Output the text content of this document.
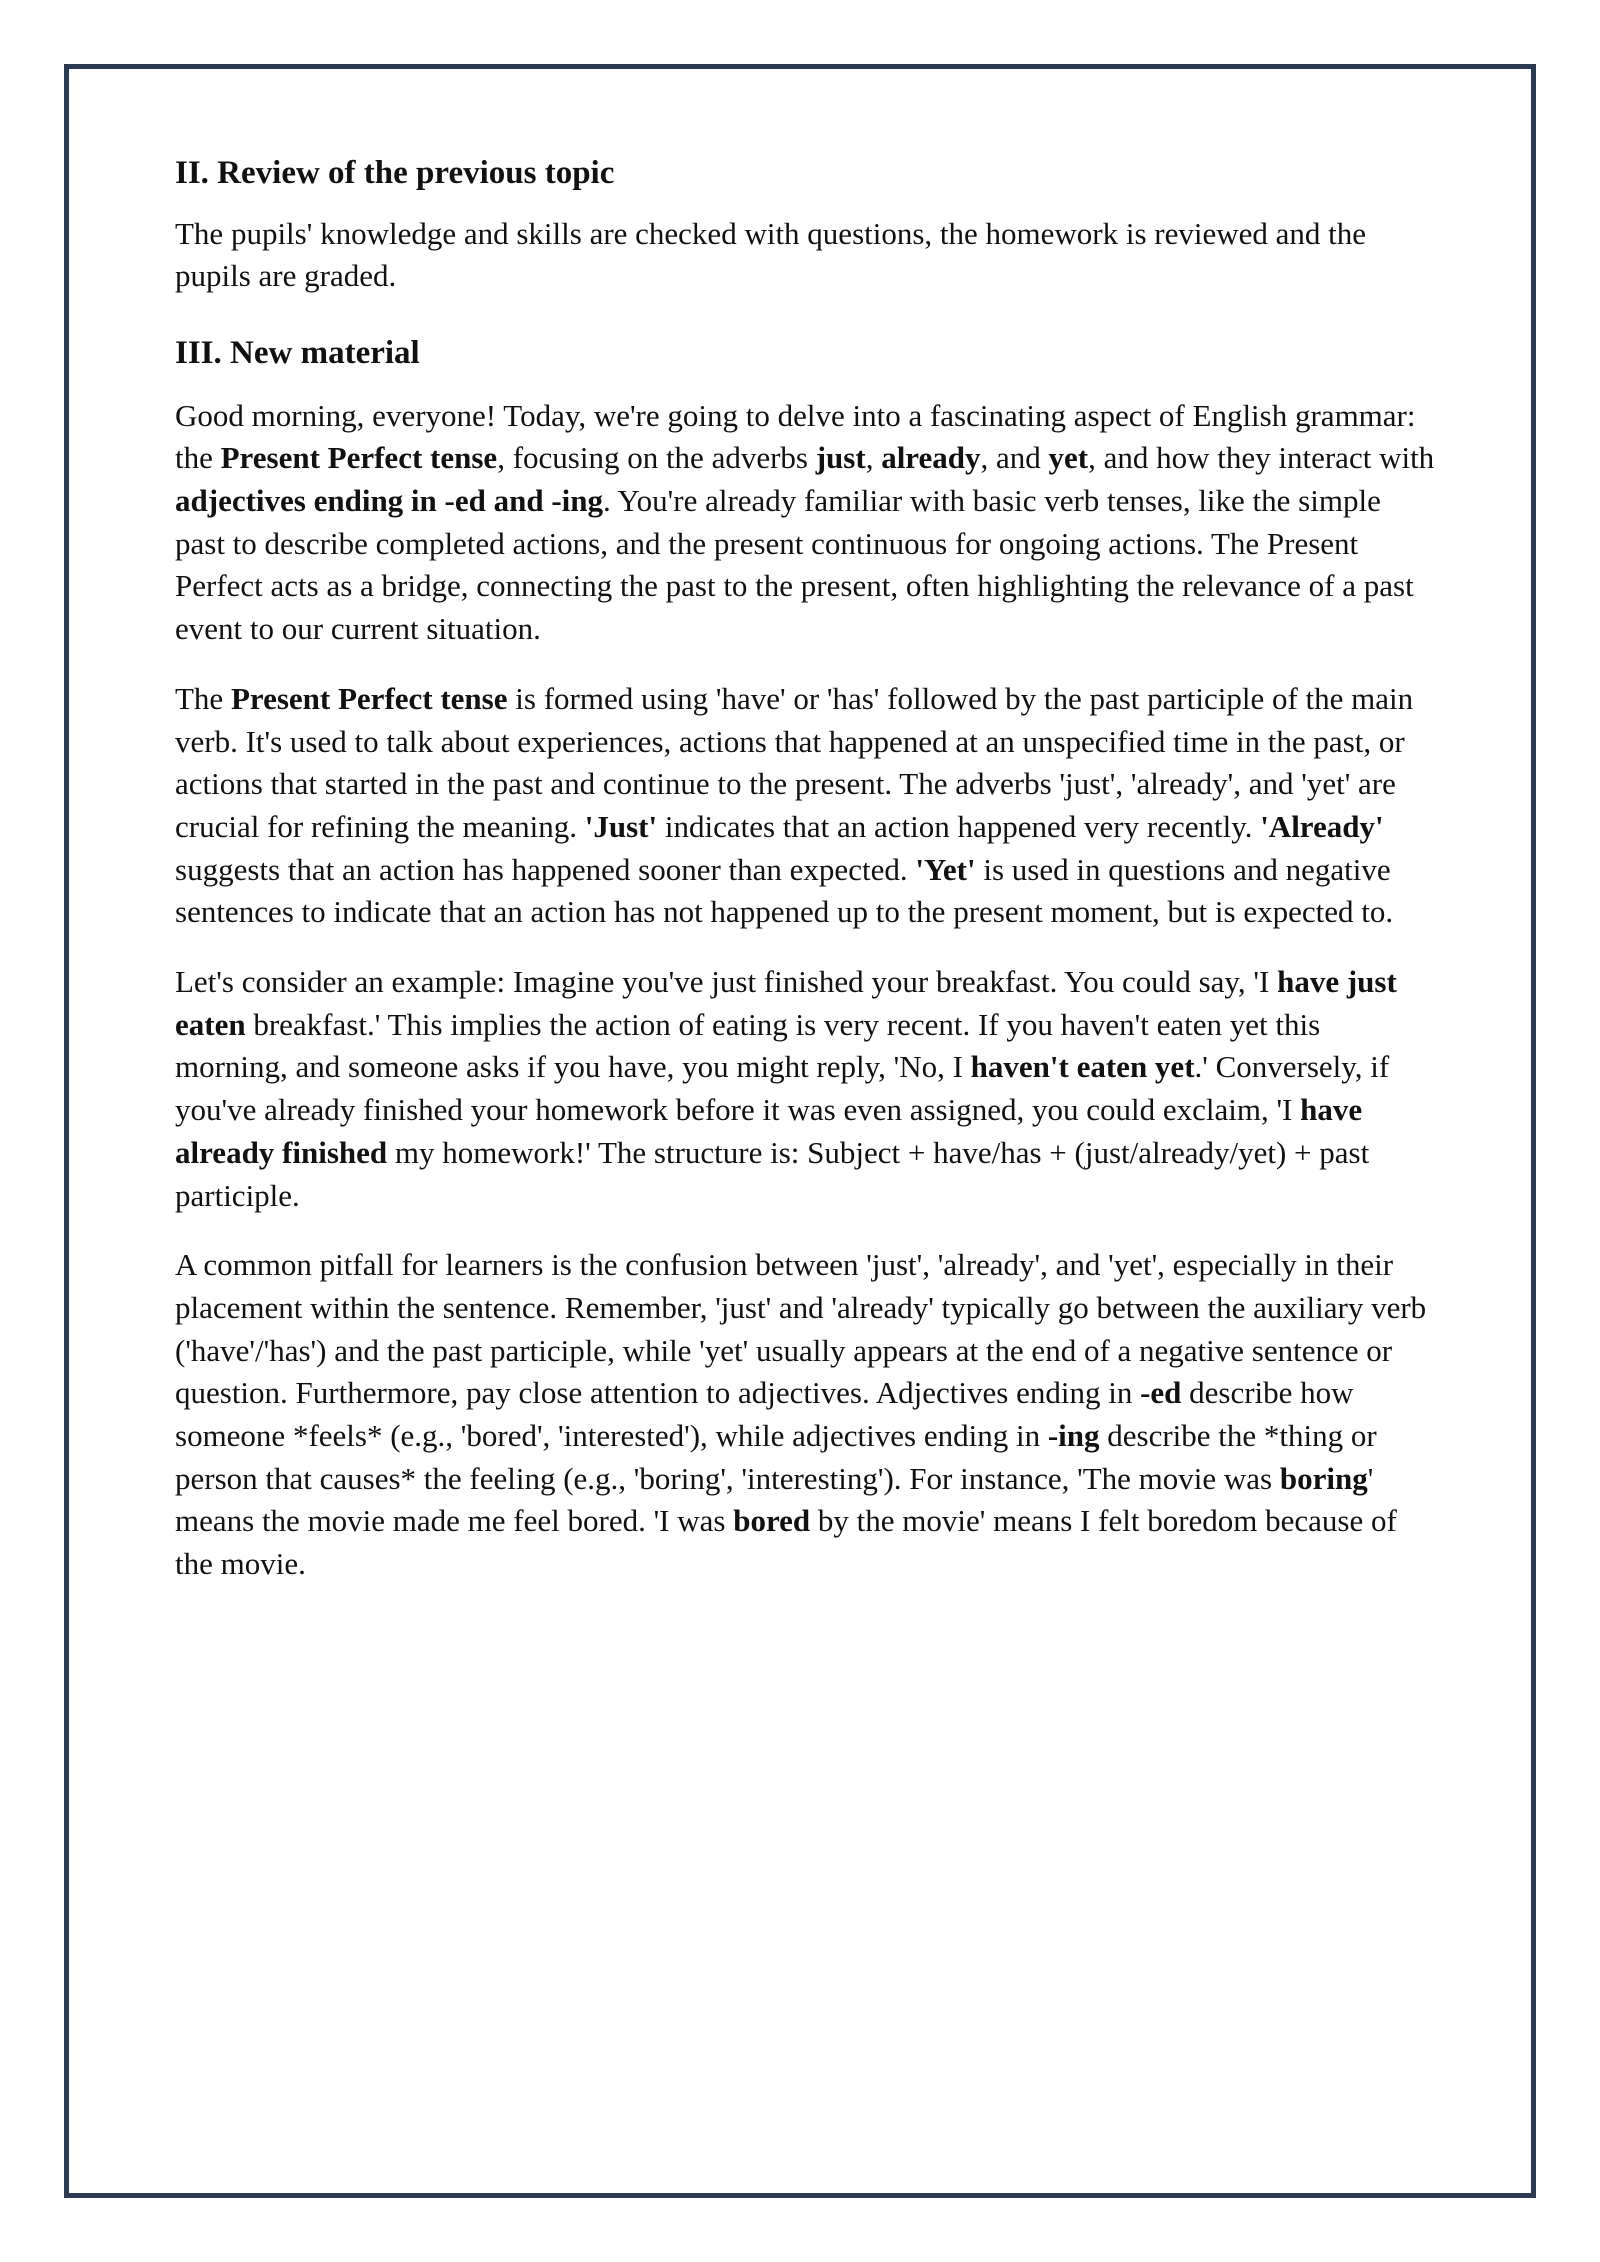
II. Review of the previous topic

The pupils' knowledge and skills are checked with questions, the homework is reviewed and the pupils are graded.

III. New material

Good morning, everyone! Today, we're going to delve into a fascinating aspect of English grammar: the Present Perfect tense, focusing on the adverbs just, already, and yet, and how they interact with adjectives ending in -ed and -ing. You're already familiar with basic verb tenses, like the simple past to describe completed actions, and the present continuous for ongoing actions. The Present Perfect acts as a bridge, connecting the past to the present, often highlighting the relevance of a past event to our current situation.

The Present Perfect tense is formed using 'have' or 'has' followed by the past participle of the main verb. It's used to talk about experiences, actions that happened at an unspecified time in the past, or actions that started in the past and continue to the present. The adverbs 'just', 'already', and 'yet' are crucial for refining the meaning. 'Just' indicates that an action happened very recently. 'Already' suggests that an action has happened sooner than expected. 'Yet' is used in questions and negative sentences to indicate that an action has not happened up to the present moment, but is expected to.

Let's consider an example: Imagine you've just finished your breakfast. You could say, 'I have just eaten breakfast.' This implies the action of eating is very recent. If you haven't eaten yet this morning, and someone asks if you have, you might reply, 'No, I haven't eaten yet.' Conversely, if you've already finished your homework before it was even assigned, you could exclaim, 'I have already finished my homework!' The structure is: Subject + have/has + (just/already/yet) + past participle.

A common pitfall for learners is the confusion between 'just', 'already', and 'yet', especially in their placement within the sentence. Remember, 'just' and 'already' typically go between the auxiliary verb ('have'/'has') and the past participle, while 'yet' usually appears at the end of a negative sentence or question. Furthermore, pay close attention to adjectives. Adjectives ending in -ed describe how someone *feels* (e.g., 'bored', 'interested'), while adjectives ending in -ing describe the *thing or person that causes* the feeling (e.g., 'boring', 'interesting'). For instance, 'The movie was boring' means the movie made me feel bored. 'I was bored by the movie' means I felt boredom because of the movie.
